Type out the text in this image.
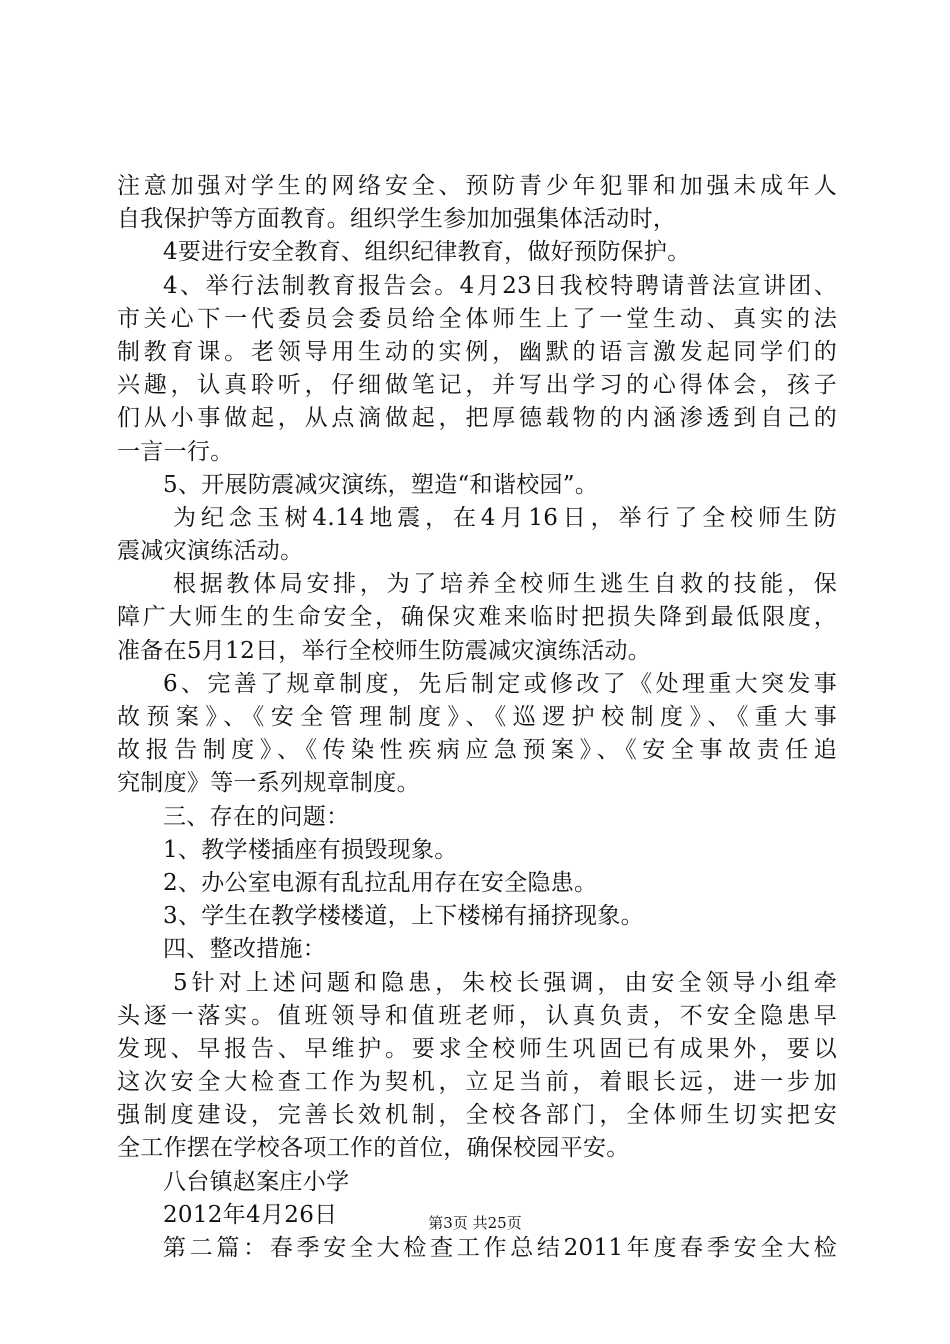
注意加强对学生的网络安全、预防青少年犯罪和加强未成年人
自我保护等方面教育。组织学生参加加强集体活动时，
4要进行安全教育、组织纪律教育，做好预防保护。
4、举行法制教育报告会。4月23日我校特聘请普法宣讲团、
市关心下一代委员会委员给全体师生上了一堂生动、真实的法
制教育课。老领导用生动的实例，幽默的语言激发起同学们的
兴趣，认真聆听，仔细做笔记，并写出学习的心得体会，孩子
们从小事做起，从点滴做起，把厚德载物的内涵渗透到自己的
一言一行。
5、开展防震减灾演练，塑造“和谐校园”。
为纪念玉树4.14地震，在4月16日，举行了全校师生防
震减灾演练活动。
根据教体局安排，为了培养全校师生逃生自救的技能，保
障广大师生的生命安全，确保灾难来临时把损失降到最低限度，
准备在5月12日，举行全校师生防震减灾演练活动。
6、完善了规章制度，先后制定或修改了《处理重大突发事
故预案》、《安全管理制度》、《巡逻护校制度》、《重大事
故报告制度》、《传染性疾病应急预案》、《安全事故责任追
究制度》等一系列规章制度。
三、存在的问题：
1、教学楼插座有损毁现象。
2、办公室电源有乱拉乱用存在安全隐患。
3、学生在教学楼楼道，上下楼梯有捅挤现象。
四、整改措施：
5针对上述问题和隐患，朱校长强调，由安全领导小组牵
头逐一落实。值班领导和值班老师，认真负责，不安全隐患早
发现、早报告、早维护。要求全校师生巩固已有成果外，要以
这次安全大检查工作为契机，立足当前，着眼长远，进一步加
强制度建设，完善长效机制，全校各部门，全体师生切实把安
全工作摆在学校各项工作的首位，确保校园平安。
八台镇赵案庄小学
2012年4月26日
第二篇：春季安全大检查工作总结2011年度春季安全大检
第3页 共25页
